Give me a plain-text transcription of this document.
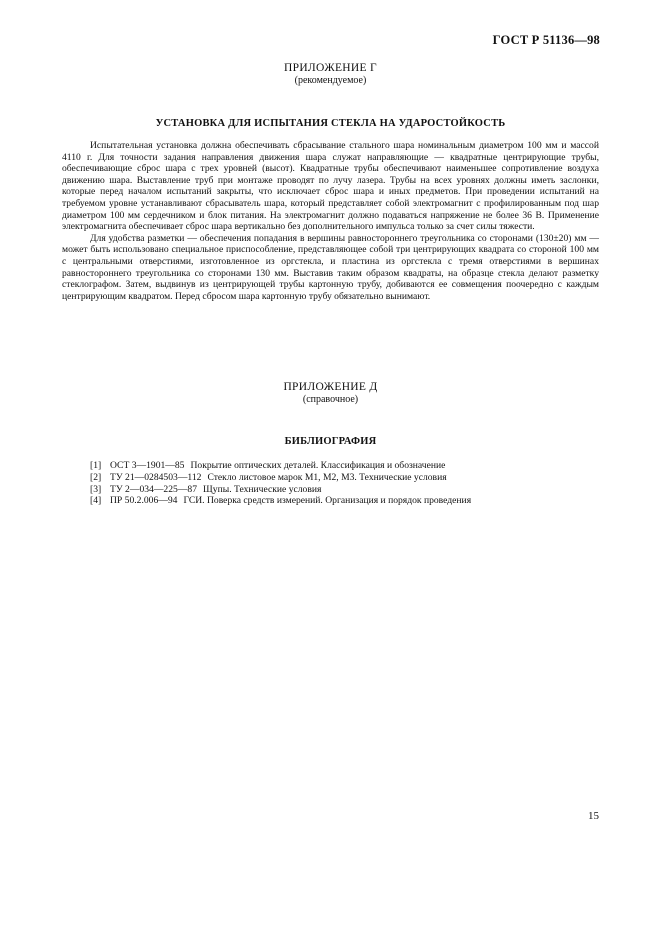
ГОСТ Р 51136—98
ПРИЛОЖЕНИЕ Г
(рекомендуемое)
УСТАНОВКА ДЛЯ ИСПЫТАНИЯ СТЕКЛА НА УДАРОСТОЙКОСТЬ

Испытательная установка должна обеспечивать сбрасывание стального шара номинальным диаметром 100 мм и массой 4110 г. Для точности задания направления движения шара служат направляющие — квадратные центрирующие трубы, обеспечивающие сброс шара с трех уровней (высот). Квадратные трубы обеспечивают наименьшее сопротивление воздуха движению шара. Выставление труб при монтаже проводят по лучу лазера. Трубы на всех уровнях должны иметь заслонки, которые перед началом испытаний закрыты, что исключает сброс шара и иных предметов. При проведении испытаний на требуемом уровне устанавливают сбрасыватель шара, который представляет собой электромагнит с профилированным под шар диаметром 100 мм сердечником и блок питания. На электромагнит должно подаваться напряжение не более 36 В. Применение электромагнита обеспечивает сброс шара вертикально без дополнительного импульса только за счет силы тяжести.

Для удобства разметки — обеспечения попадания в вершины равностороннего треугольника со сторонами (130±20) мм — может быть использовано специальное приспособление, представляющее собой три центрирующих квадрата со стороной 100 мм с центральными отверстиями, изготовленное из оргстекла, и пластина из оргстекла с тремя отверстиями в вершинах равностороннего треугольника со сторонами 130 мм. Выставив таким образом квадраты, на образце стекла делают разметку стеклографом. Затем, выдвинув из центрирующей трубы картонную трубу, добиваются ее совмещения поочередно с каждым центрирующим квадратом. Перед сбросом шара картонную трубу обязательно вынимают.

ПРИЛОЖЕНИЕ Д
(справочное)
БИБЛИОГРАФИЯ
[1] ОСТ 3—1901—85 Покрытие оптических деталей. Классификация и обозначение
[2] ТУ 21—0284503—112 Стекло листовое марок М1, М2, М3. Технические условия
[3] ТУ 2—034—225—87 Щупы. Технические условия
[4] ПР 50.2.006—94 ГСИ. Поверка средств измерений. Организация и порядок проведения
15
